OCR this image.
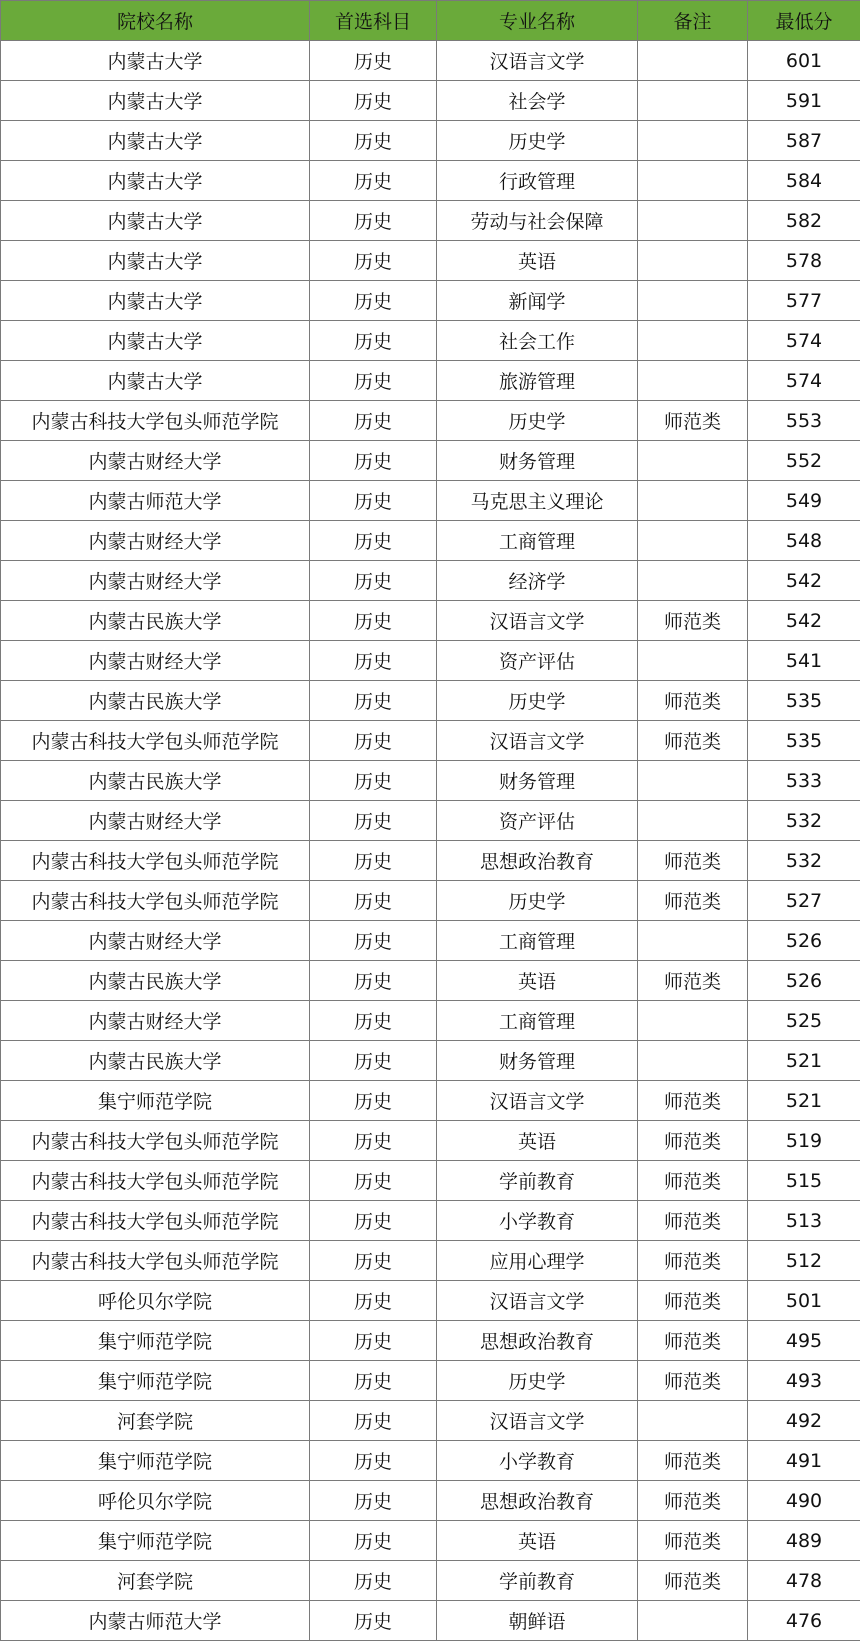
院校名称	首选科目	专业名称	备注	最低分
内蒙古大学	历史	汉语言文学		601
内蒙古大学	历史	社会学		591
内蒙古大学	历史	历史学		587
内蒙古大学	历史	行政管理		584
内蒙古大学	历史	劳动与社会保障		582
内蒙古大学	历史	英语		578
内蒙古大学	历史	新闻学		577
内蒙古大学	历史	社会工作		574
内蒙古大学	历史	旅游管理		574
内蒙古科技大学包头师范学院	历史	历史学	师范类	553
内蒙古财经大学	历史	财务管理		552
内蒙古师范大学	历史	马克思主义理论		549
内蒙古财经大学	历史	工商管理		548
内蒙古财经大学	历史	经济学		542
内蒙古民族大学	历史	汉语言文学	师范类	542
内蒙古财经大学	历史	资产评估		541
内蒙古民族大学	历史	历史学	师范类	535
内蒙古科技大学包头师范学院	历史	汉语言文学	师范类	535
内蒙古民族大学	历史	财务管理		533
内蒙古财经大学	历史	资产评估		532
内蒙古科技大学包头师范学院	历史	思想政治教育	师范类	532
内蒙古科技大学包头师范学院	历史	历史学	师范类	527
内蒙古财经大学	历史	工商管理		526
内蒙古民族大学	历史	英语	师范类	526
内蒙古财经大学	历史	工商管理		525
内蒙古民族大学	历史	财务管理		521
集宁师范学院	历史	汉语言文学	师范类	521
内蒙古科技大学包头师范学院	历史	英语	师范类	519
内蒙古科技大学包头师范学院	历史	学前教育	师范类	515
内蒙古科技大学包头师范学院	历史	小学教育	师范类	513
内蒙古科技大学包头师范学院	历史	应用心理学	师范类	512
呼伦贝尔学院	历史	汉语言文学	师范类	501
集宁师范学院	历史	思想政治教育	师范类	495
集宁师范学院	历史	历史学	师范类	493
河套学院	历史	汉语言文学		492
集宁师范学院	历史	小学教育	师范类	491
呼伦贝尔学院	历史	思想政治教育	师范类	490
集宁师范学院	历史	英语	师范类	489
河套学院	历史	学前教育	师范类	478
内蒙古师范大学	历史	朝鲜语		476
